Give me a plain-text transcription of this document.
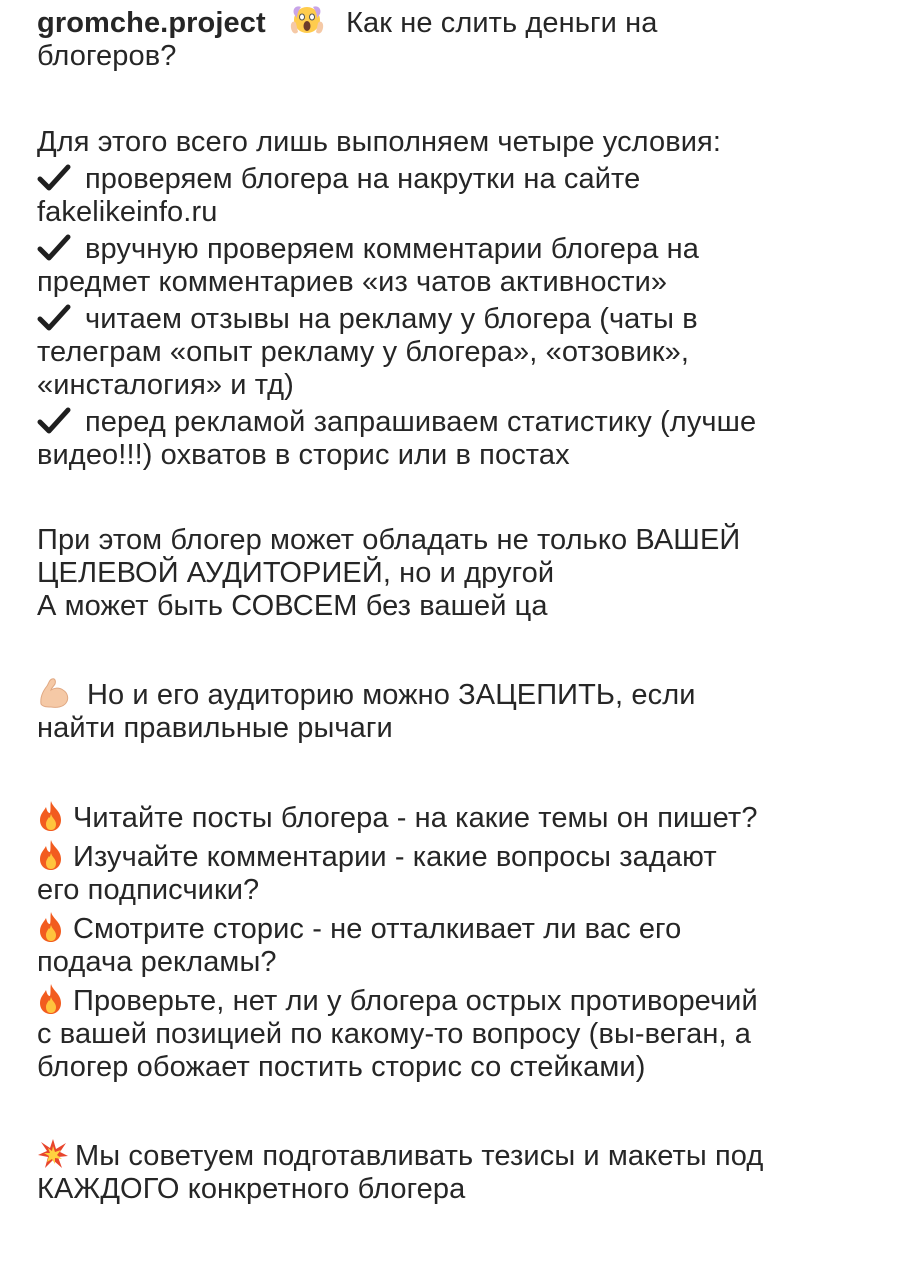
gromche.project	Как не слить деньги на
блогеров?
Для этого всего лишь выполняем четыре условия:
проверяем блогера на накрутки на сайте
fakelikeinfo.ru
вручную проверяем комментарии блогера на
предмет комментариев «из чатов активности»
читаем отзывы на рекламу у блогера (чаты в
телеграм «опыт рекламу у блогера», «отзовик»,
«инсталогия» и тд)
перед рекламой запрашиваем статистику (лучше
видео!!!) охватов в сторис или в постах
При этом блогер может обладать не только ВАШЕЙ
ЦЕЛЕВОЙ АУДИТОРИЕЙ, но и другой
А может быть СОВСЕМ без вашей ца
Но и его аудиторию можно ЗАЦЕПИТЬ, если
найти правильные рычаги
Читайте посты блогера - на какие темы он пишет?
Изучайте комментарии - какие вопросы задают
его подписчики?
Смотрите сторис - не отталкивает ли вас его
подача рекламы?
Проверьте, нет ли у блогера острых противоречий
с вашей позицией по какому-то вопросу (вы-веган, а
блогер обожает постить сторис со стейками)
Мы советуем подготавливать тезисы и макеты под
КАЖДОГО конкретного блогера
